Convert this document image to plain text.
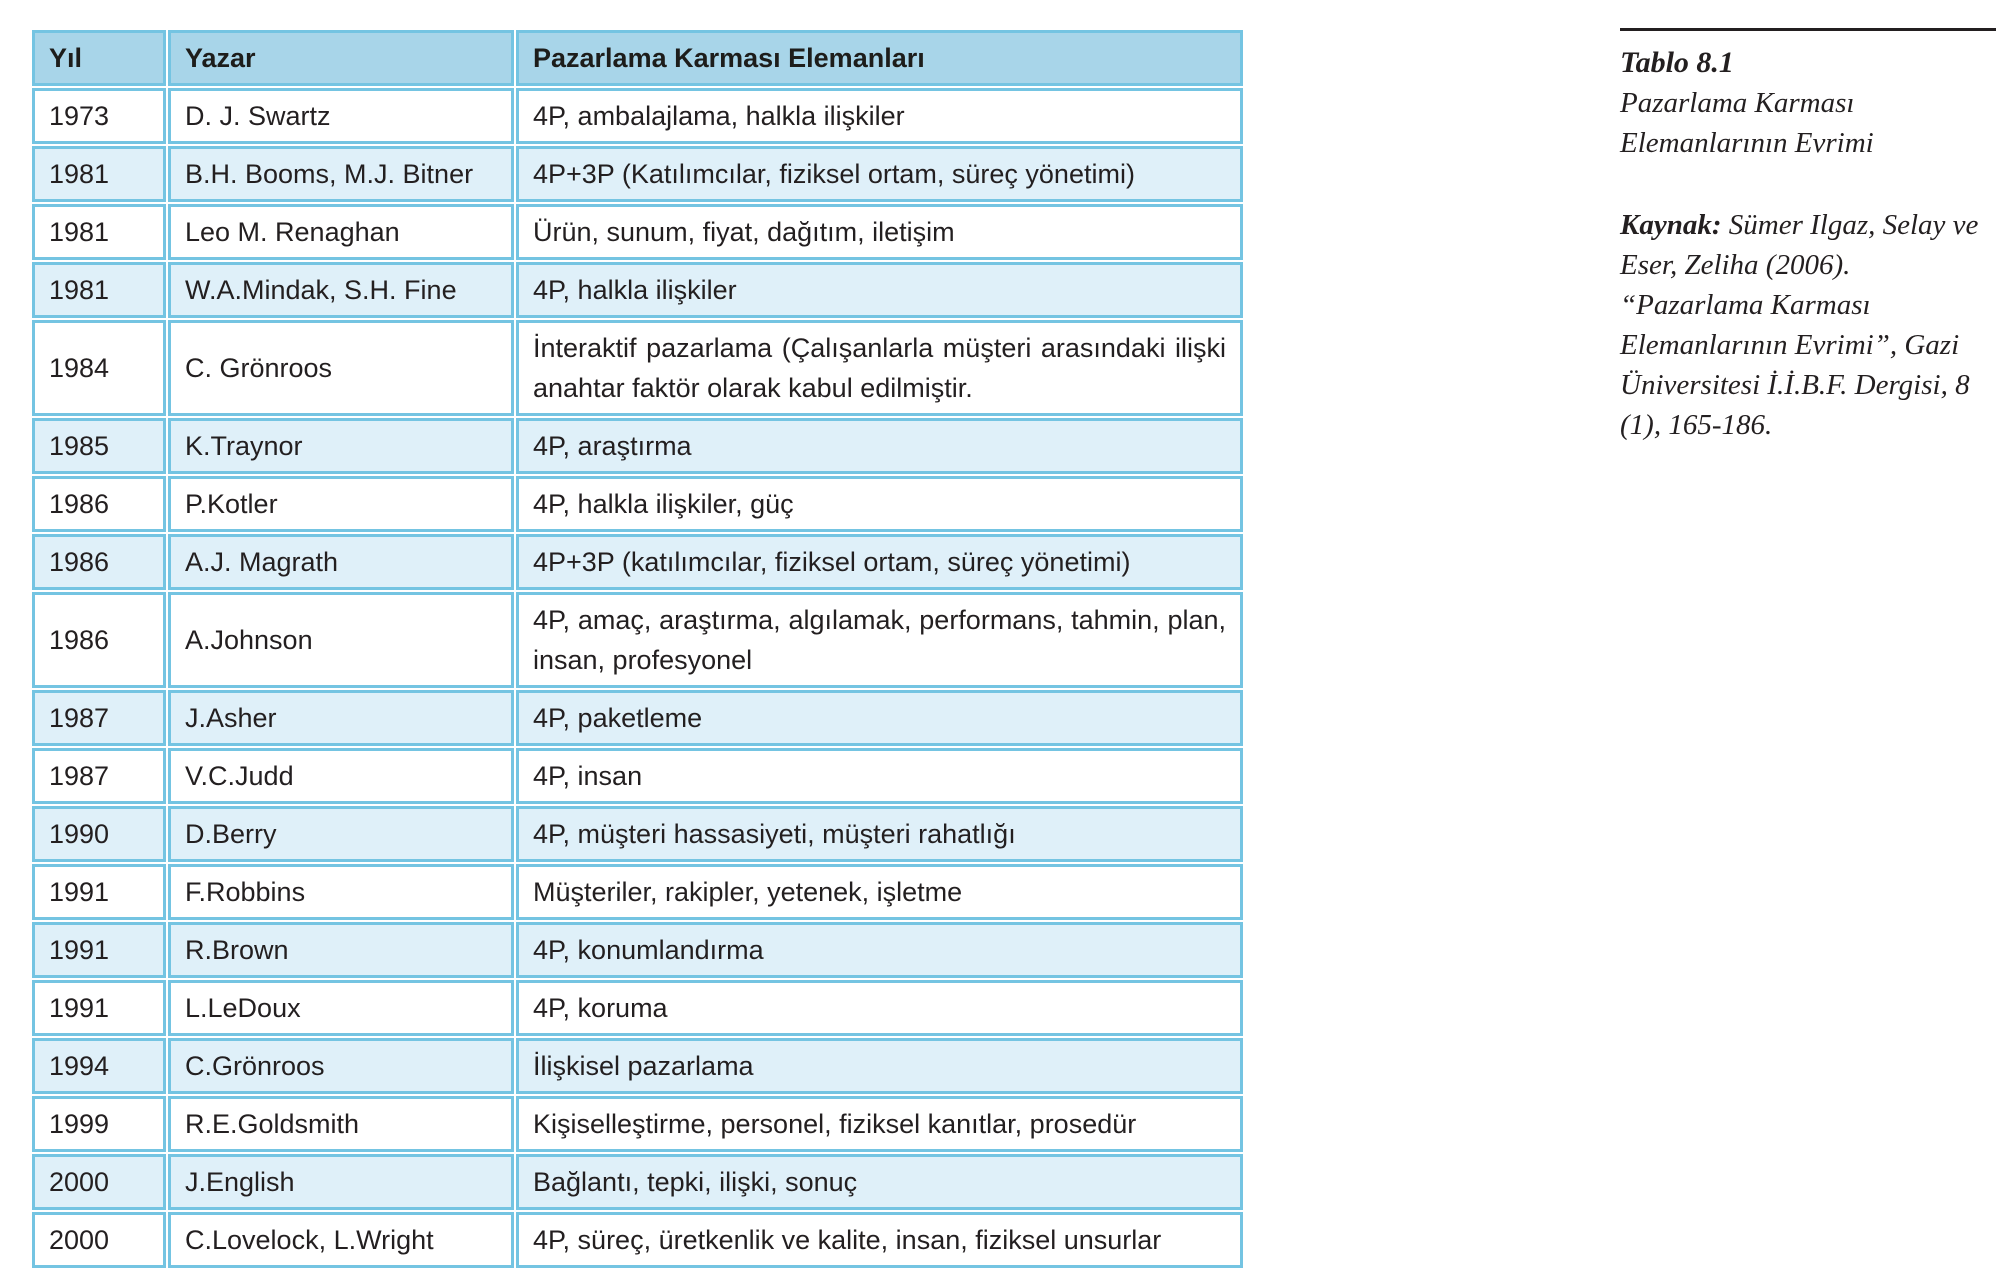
Yıl	Yazar	Pazarlama Karması Elemanları
1973	D. J. Swartz	4P, ambalajlama, halkla ilişkiler
1981	B.H. Booms, M.J. Bitner	4P+3P (Katılımcılar, fiziksel ortam, süreç yönetimi)
1981	Leo M. Renaghan	Ürün, sunum, fiyat, dağıtım, iletişim
1981	W.A.Mindak, S.H. Fine	4P, halkla ilişkiler
1984	C. Grönroos	İnteraktif pazarlama (Çalışanlarla müşteri arasındaki ilişki anahtar faktör olarak kabul edilmiştir.
1985	K.Traynor	4P, araştırma
1986	P.Kotler	4P, halkla ilişkiler, güç
1986	A.J. Magrath	4P+3P (katılımcılar, fiziksel ortam, süreç yönetimi)
1986	A.Johnson	4P, amaç, araştırma, algılamak, performans, tahmin, plan, insan, profesyonel
1987	J.Asher	4P, paketleme
1987	V.C.Judd	4P, insan
1990	D.Berry	4P, müşteri hassasiyeti, müşteri rahatlığı
1991	F.Robbins	Müşteriler, rakipler, yetenek, işletme
1991	R.Brown	4P, konumlandırma
1991	L.LeDoux	4P, koruma
1994	C.Grönroos	İlişkisel pazarlama
1999	R.E.Goldsmith	Kişiselleştirme, personel, fiziksel kanıtlar, prosedür
2000	J.English	Bağlantı, tepki, ilişki, sonuç
2000	C.Lovelock, L.Wright	4P, süreç, üretkenlik ve kalite, insan, fiziksel unsurlar

Tablo 8.1

Pazarlama Karması Elemanlarının Evrimi

Kaynak: Sümer Ilgaz, Selay ve Eser, Zeliha (2006). “Pazarlama Karması Elemanlarının Evrimi”, Gazi Üniversitesi İ.İ.B.F. Dergisi, 8 (1), 165-186.
